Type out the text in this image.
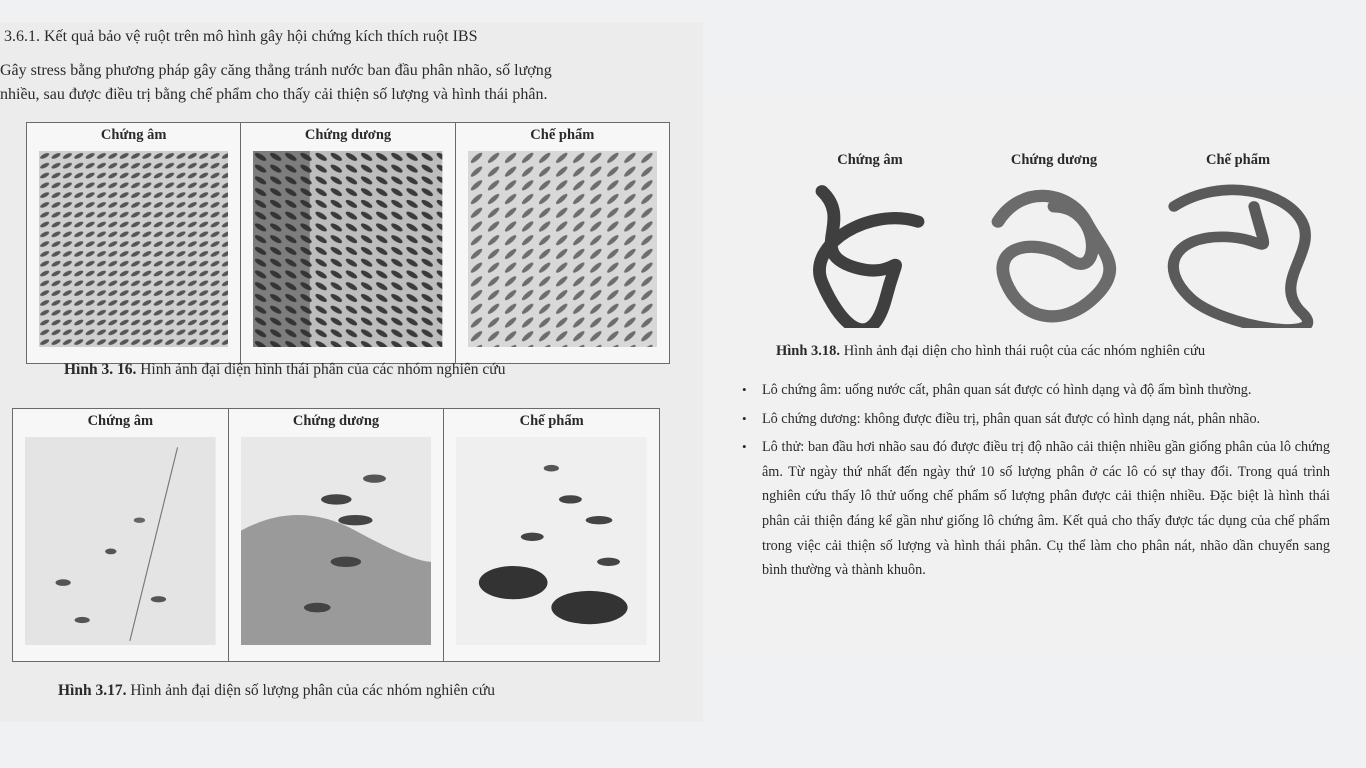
3.6.1. Kết quả bảo vệ ruột trên mô hình gây hội chứng kích thích ruột IBS
Gây stress bằng phương pháp gây căng thẳng tránh nước ban đầu phân nhão, số lượng
nhiều, sau được điều trị bằng chế phẩm cho thấy cải thiện số lượng và hình thái phân.
Chứng âm	Chứng dương	Chế phẩm
Hình 3. 16. Hình ảnh đại diện hình thái phân của các nhóm nghiên cứu
Chứng âm	Chứng dương	Chế phẩm
Hình 3.17. Hình ảnh đại diện số lượng phân của các nhóm nghiên cứu
Chứng âm	Chứng dương	Chế phẩm
Hình 3.18. Hình ảnh đại diện cho hình thái ruột của các nhóm nghiên cứu
• Lô chứng âm: uống nước cất, phân quan sát được có hình dạng và độ ẩm bình thường.
• Lô chứng dương: không được điều trị, phân quan sát được có hình dạng nát, phân nhão.
• Lô thử: ban đầu hơi nhão sau đó được điều trị độ nhão cải thiện nhiều gần giống phân của lô chứng âm. Từ ngày thứ nhất đến ngày thứ 10 số lượng phân ở các lô có sự thay đổi. Trong quá trình nghiên cứu thấy lô thử uống chế phẩm số lượng phân được cải thiện nhiều. Đặc biệt là hình thái phân cải thiện đáng kể gần như giống lô chứng âm. Kết quả cho thấy được tác dụng của chế phẩm trong việc cải thiện số lượng và hình thái phân. Cụ thể làm cho phân nát, nhão dần chuyển sang bình thường và thành khuôn.
